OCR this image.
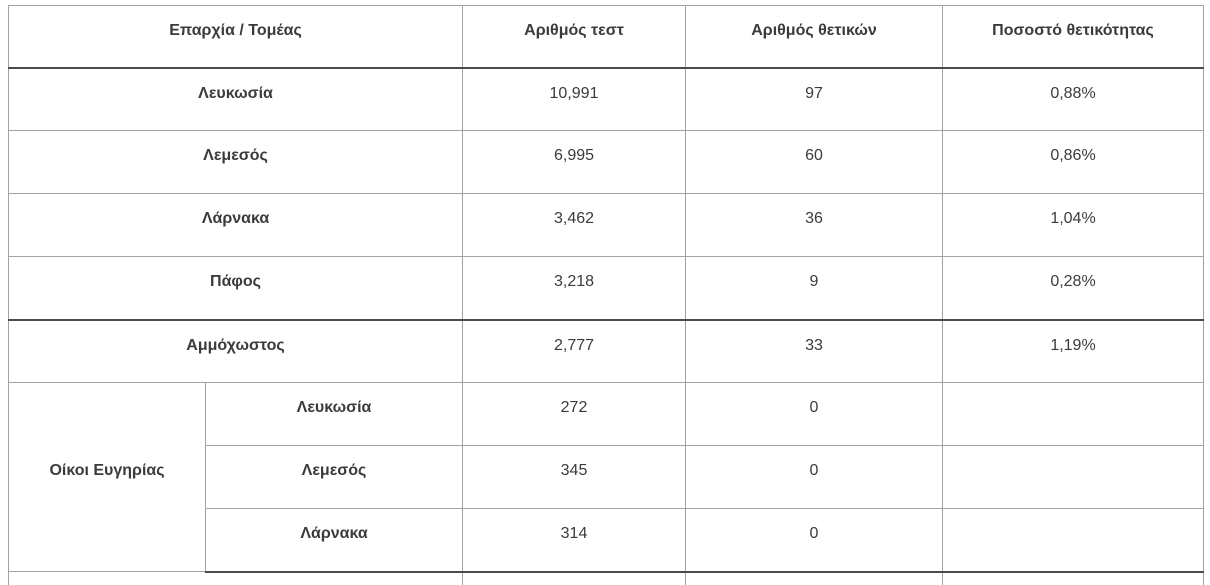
Επαρχία / Τομέας		Αριθμός τεστ	Αριθμός θετικών	Ποσοστό θετικότητας
Λευκωσία		10,991	97	0,88%
Λεμεσός		6,995	60	0,86%
Λάρνακα		3,462	36	1,04%
Πάφος		3,218	9	0,28%
Αμμόχωστος		2,777	33	1,19%
Οίκοι Ευγηρίας	Λευκωσία	272	0	
	Λεμεσός	345	0	
	Λάρνακα	314	0	
